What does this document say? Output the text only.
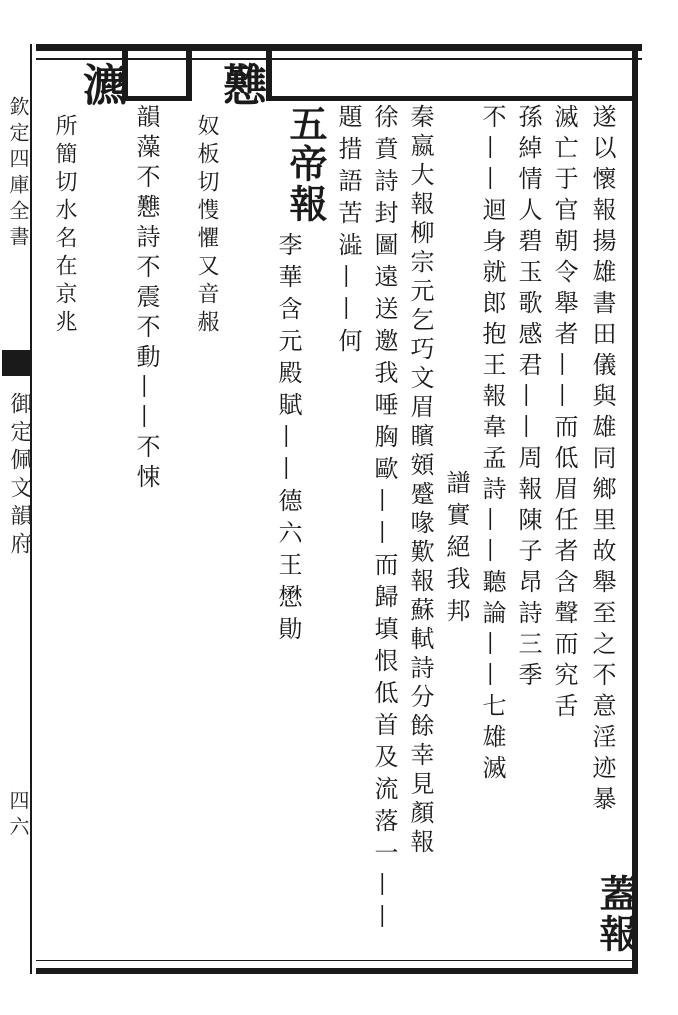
欽定四庫全書
御定佩文韻府
四六	遂以懷報揚雄書田儀與雄同鄉里故舉至之不意淫迹暴
蓋報
滅亡于官朝令舉者——而低眉任者含聲而究舌
孫綽情人碧玉歌感君——周報陳子昂詩三季
不——迴身就郎抱王報韋孟詩——聽論——七雄滅
譜實絕我邦
秦嬴大報柳宗元乞巧文眉矉頞蹙喙歎報蘇軾詩分餘幸見顏報
徐賁詩封圖遠送邀我唾胸歐——而歸填恨低首及流落一——
題措語苦澁——何
五帝報
李華含元殿賦——德六王懋勛
戁
奴板切愯懼又音赧
韻藻不戁詩不震不動——不悚
瀌
所簡切水名在京兆
